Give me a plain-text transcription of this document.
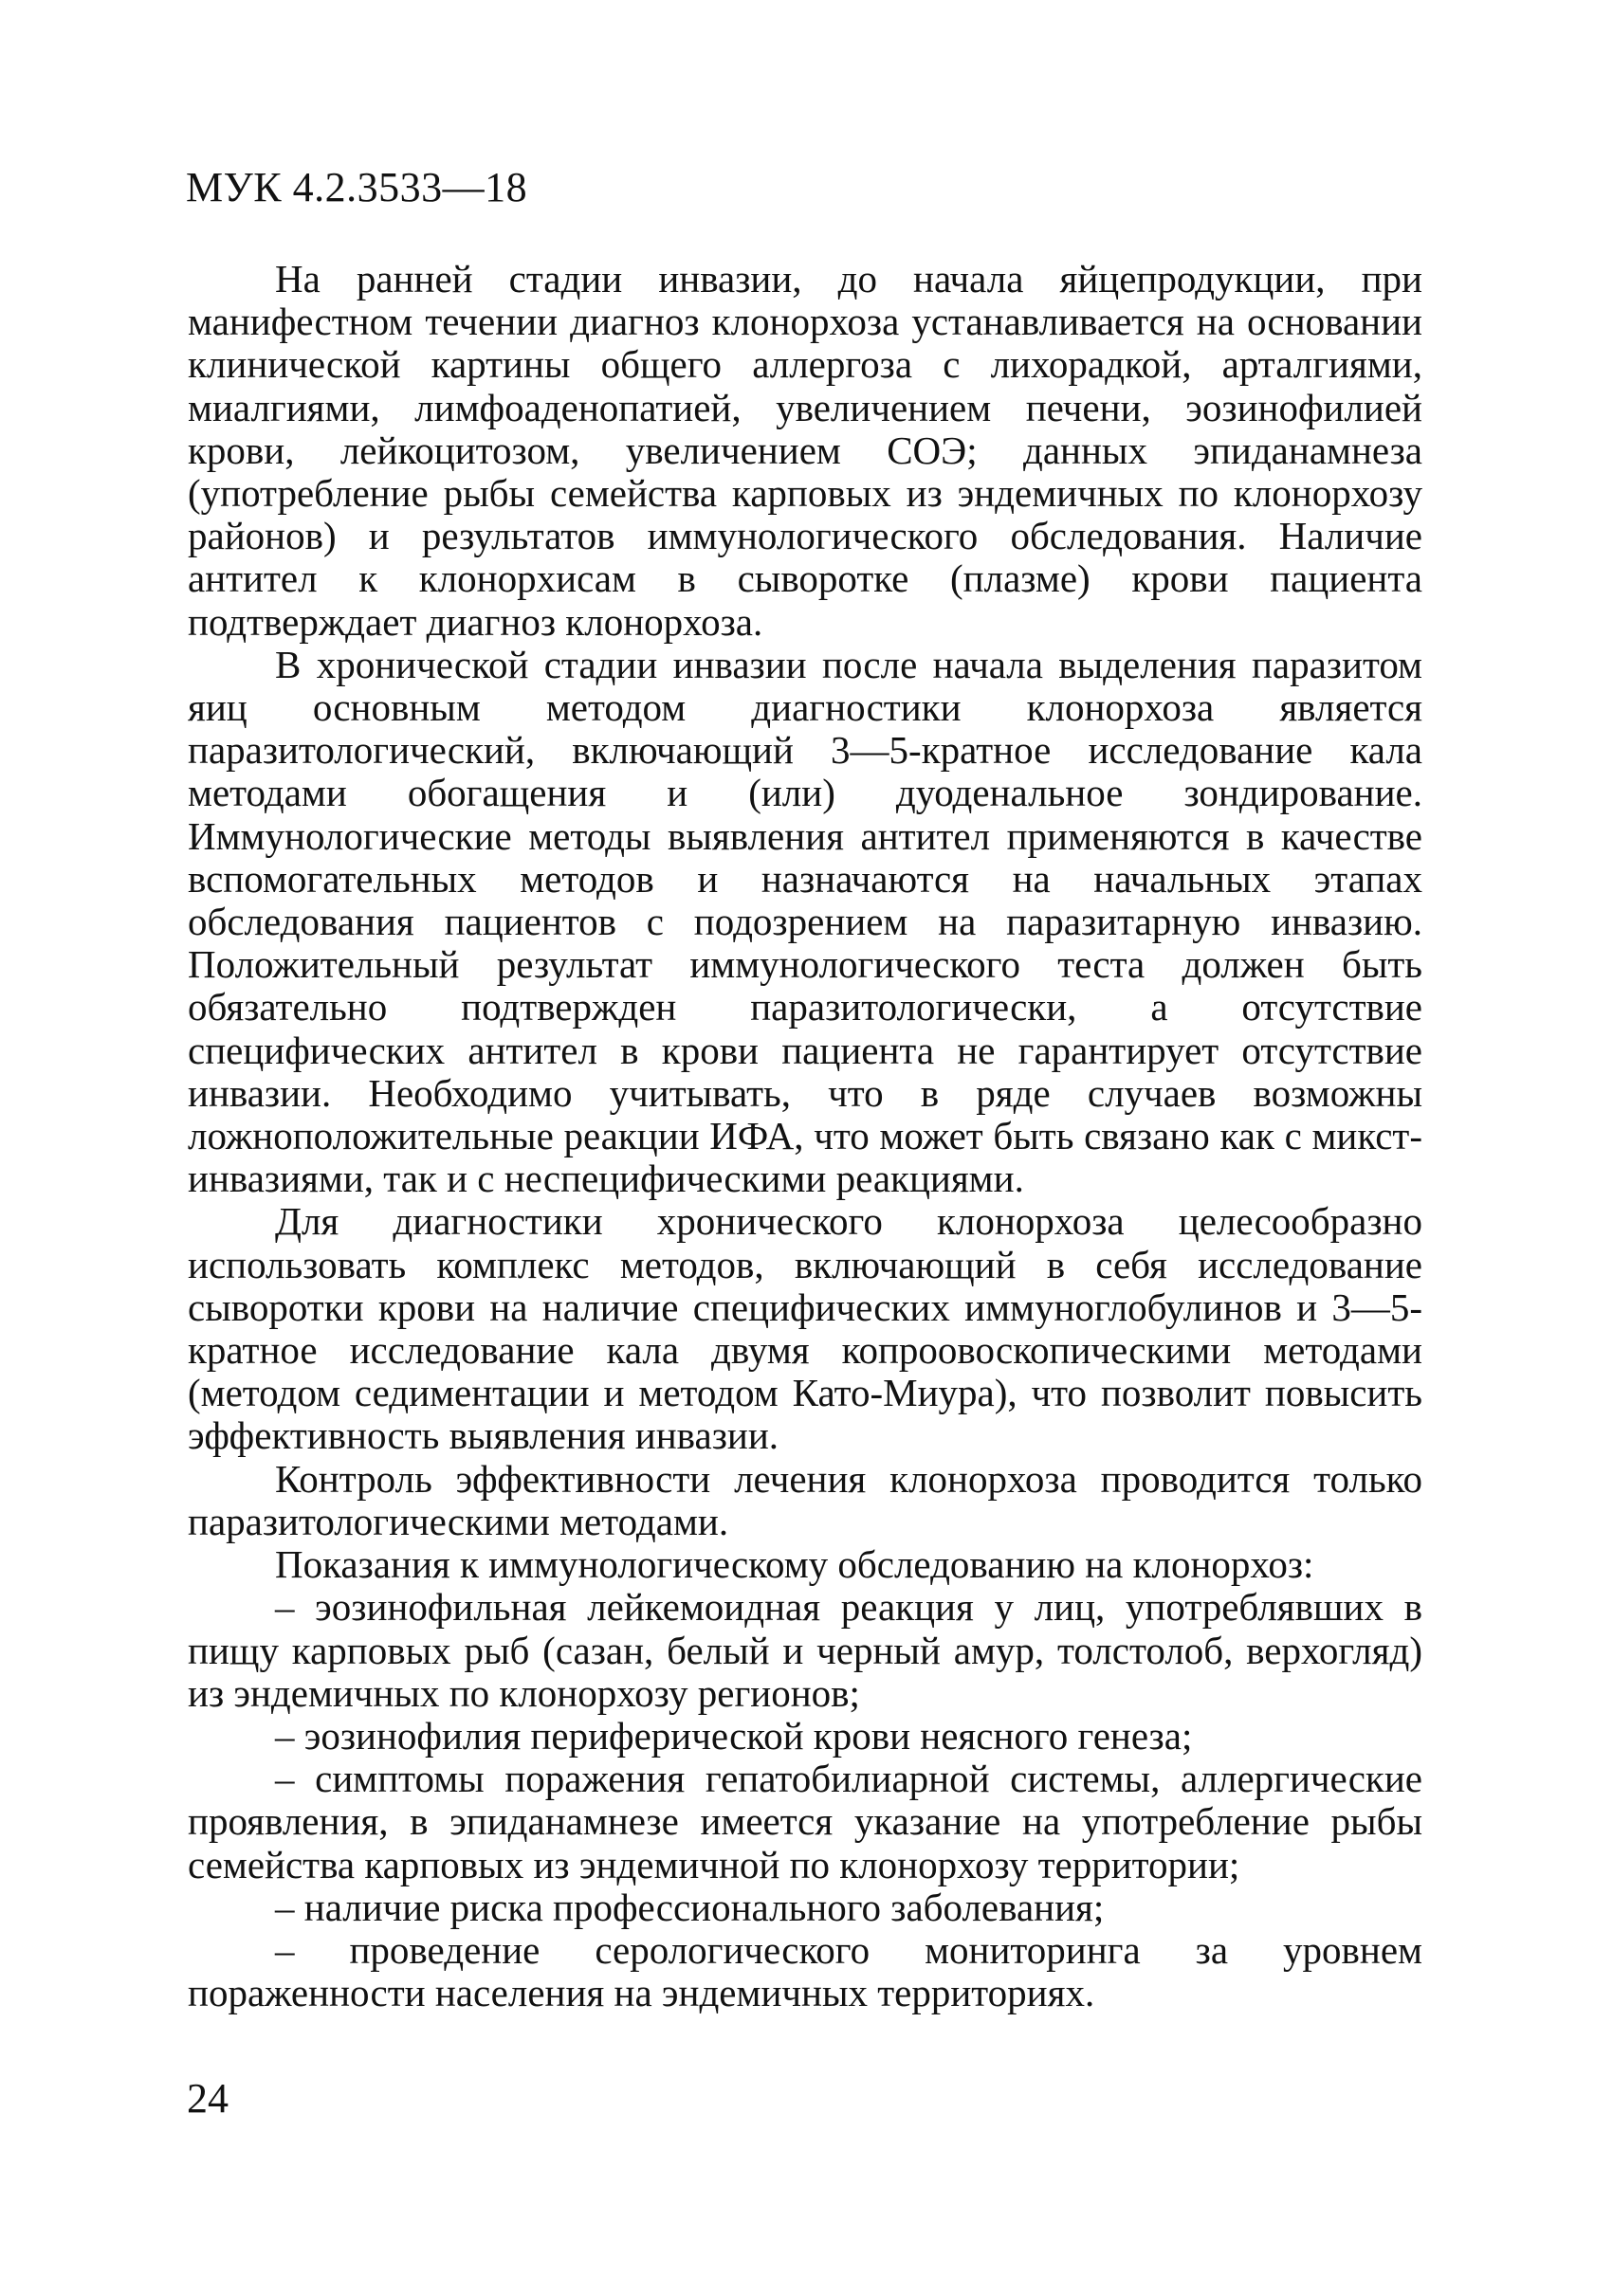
МУК 4.2.3533—18

На ранней стадии инвазии, до начала яйцепродукции, при манифестном течении диагноз клонорхоза устанавливается на основании клинической картины общего аллергоза с лихорадкой, арталгиями, миалгиями, лимфоаденопатией, увеличением печени, эозинофилией крови, лейкоцитозом, увеличением СОЭ; данных эпиданамнеза (употребление рыбы семейства карповых из эндемичных по клонорхозу районов) и результатов иммунологического обследования. Наличие антител к клонорхисам в сыворотке (плазме) крови пациента подтверждает диагноз клонорхоза.

В хронической стадии инвазии после начала выделения паразитом яиц основным методом диагностики клонорхоза является паразитологический, включающий 3—5-кратное исследование кала методами обогащения и (или) дуоденальное зондирование. Иммунологические методы выявления антител применяются в качестве вспомогательных методов и назначаются на начальных этапах обследования пациентов с подозрением на паразитарную инвазию. Положительный результат иммунологического теста должен быть обязательно подтвержден паразитологически, а отсутствие специфических антител в крови пациента не гарантирует отсутствие инвазии. Необходимо учитывать, что в ряде случаев возможны ложноположительные реакции ИФА, что может быть связано как с микст-инвазиями, так и с неспецифическими реакциями.

Для диагностики хронического клонорхоза целесообразно использовать комплекс методов, включающий в себя исследование сыворотки крови на наличие специфических иммуноглобулинов и 3—5-кратное исследование кала двумя копроовоскопическими методами (методом седиментации и методом Като-Миура), что позволит повысить эффективность выявления инвазии.

Контроль эффективности лечения клонорхоза проводится только паразитологическими методами.

Показания к иммунологическому обследованию на клонорхоз:

– эозинофильная лейкемоидная реакция у лиц, употреблявших в пищу карповых рыб (сазан, белый и черный амур, толстолоб, верхогляд) из эндемичных по клонорхозу регионов;
– эозинофилия периферической крови неясного генеза;
– симптомы поражения гепатобилиарной системы, аллергические проявления, в эпиданамнезе имеется указание на употребление рыбы семейства карповых из эндемичной по клонорхозу территории;
– наличие риска профессионального заболевания;
– проведение серологического мониторинга за уровнем пораженности населения на эндемичных территориях.
24
